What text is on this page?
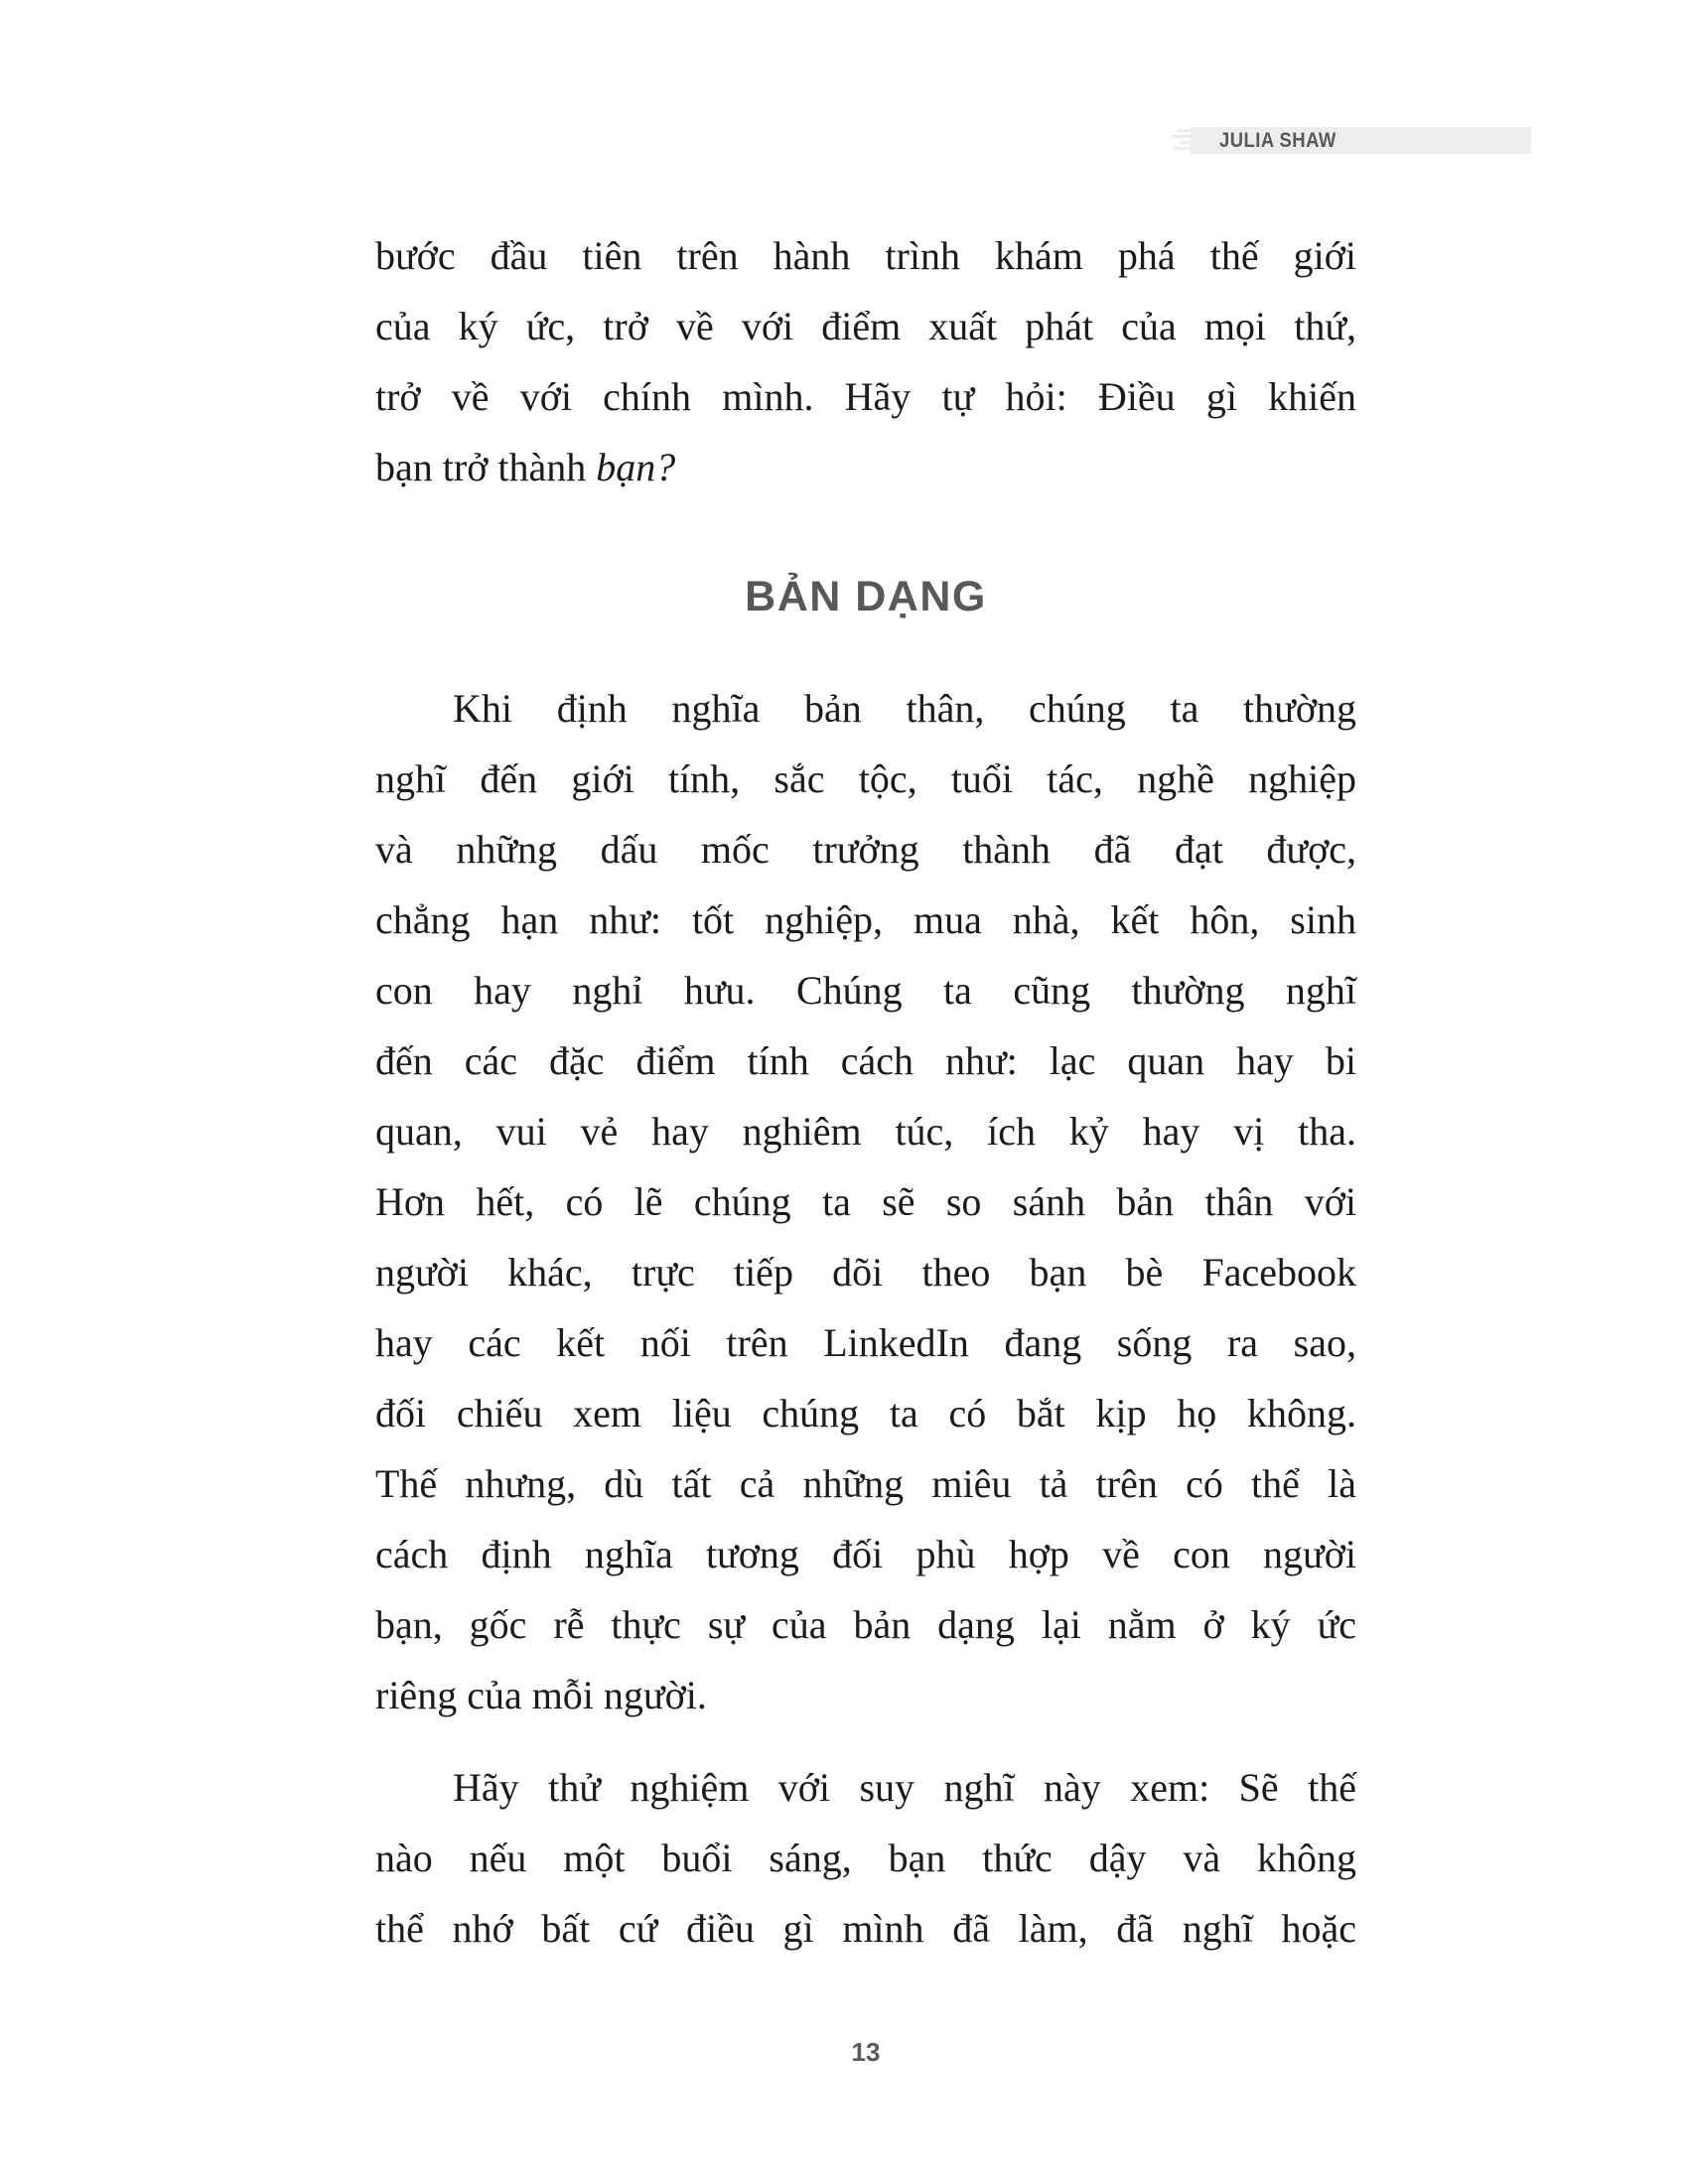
JULIA SHAW
bước đầu tiên trên hành trình khám phá thế giới
của ký ức, trở về với điểm xuất phát của mọi thứ,
trở về với chính mình. Hãy tự hỏi: Điều gì khiến
bạn trở thành bạn?
BẢN DẠNG
Khi định nghĩa bản thân, chúng ta thường
nghĩ đến giới tính, sắc tộc, tuổi tác, nghề nghiệp
và những dấu mốc trưởng thành đã đạt được,
chẳng hạn như: tốt nghiệp, mua nhà, kết hôn, sinh
con hay nghỉ hưu. Chúng ta cũng thường nghĩ
đến các đặc điểm tính cách như: lạc quan hay bi
quan, vui vẻ hay nghiêm túc, ích kỷ hay vị tha.
Hơn hết, có lẽ chúng ta sẽ so sánh bản thân với
người khác, trực tiếp dõi theo bạn bè Facebook
hay các kết nối trên LinkedIn đang sống ra sao,
đối chiếu xem liệu chúng ta có bắt kịp họ không.
Thế nhưng, dù tất cả những miêu tả trên có thể là
cách định nghĩa tương đối phù hợp về con người
bạn, gốc rễ thực sự của bản dạng lại nằm ở ký ức
riêng của mỗi người.
Hãy thử nghiệm với suy nghĩ này xem: Sẽ thế
nào nếu một buổi sáng, bạn thức dậy và không
thể nhớ bất cứ điều gì mình đã làm, đã nghĩ hoặc
13
